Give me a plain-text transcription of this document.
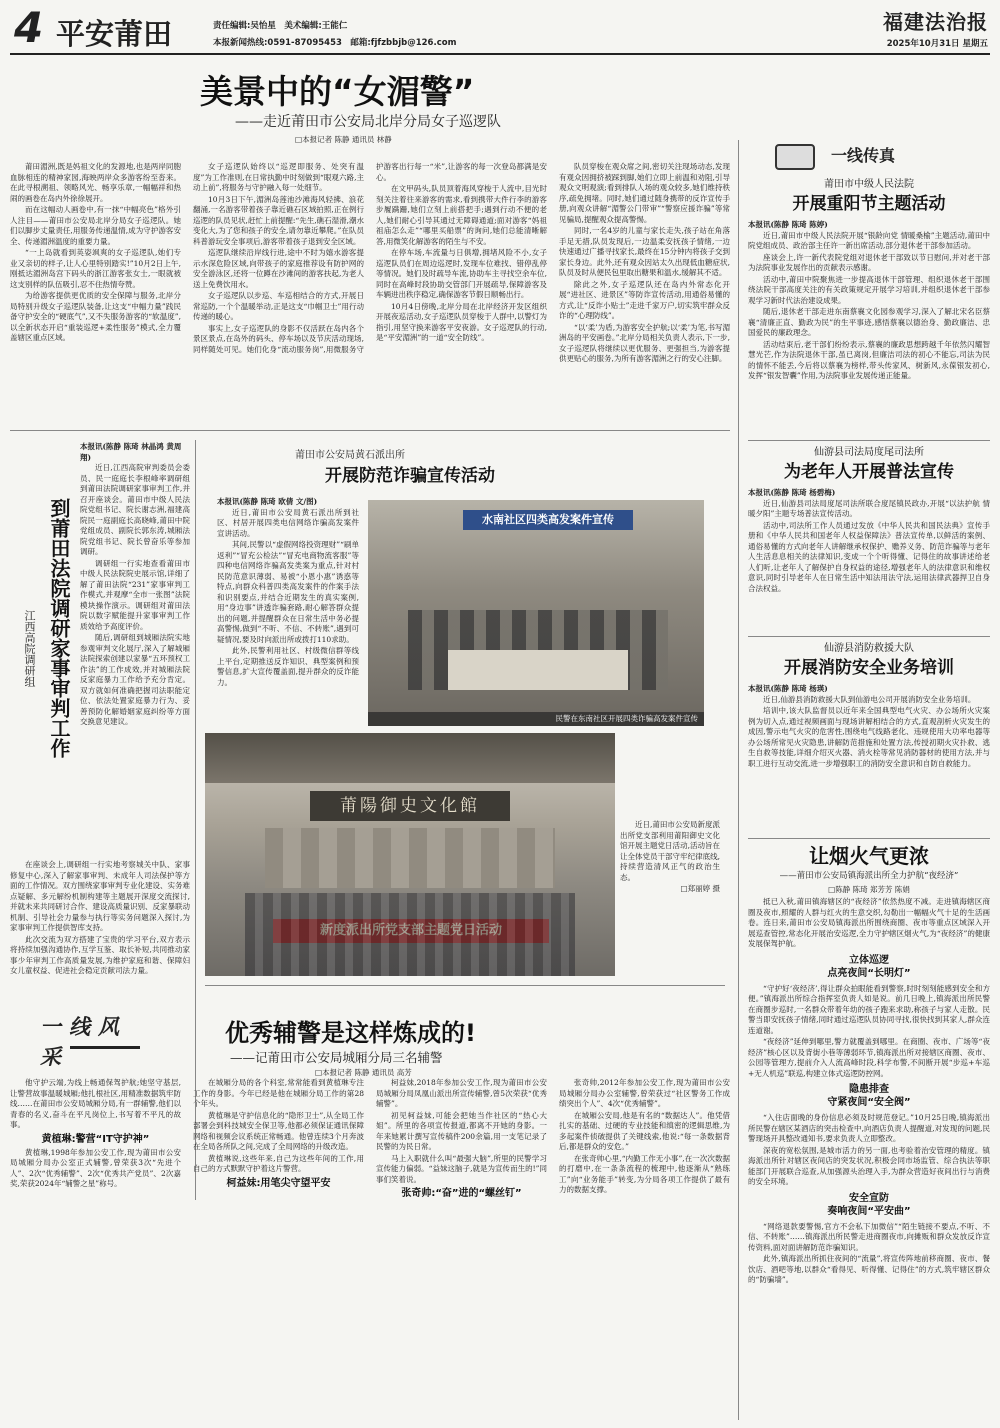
4 平安莆田	责任编辑:吴怡星　美术编辑:王能仁
本报新闻热线:0591-87095453　邮箱:fjfzbbjb@126.com
福建法治报
2025年10月31日 星期五
美景中的“女湄警”
——走近莆田市公安局北岸分局女子巡逻队
□本报记者 陈静 通讯员 林静

莆田湄洲,既是妈祖文化的发源地,也是两岸同胞血脉相连的精神家园,海映两岸众多游客纷至沓来。在此寻根溯祖、领略风光、畅享乐章,一幅幅祥和热闹的画卷在岛内外徐徐展开。

而在这幅动人画卷中,有一抹“中幅亮色”格外引人注目——莆田市公安局北岸分局女子巡逻队。她们以脚步丈量责任,用服务传递温情,成为守护游客安全、传递湄洲温度的重要力量。

“一上岛就看到英姿飒爽的女子巡逻队,她们专业又亲切的样子,让人心里特别踏实!”10月2日上午,刚抵达湄洲岛宫下码头的浙江游客张女士,一眼就被这支别样的队伍吸引,忍不住热情夸赞。

为给游客提供更优质的安全保障与服务,北岸分局特别升级女子巡逻队装备,让这支“中幅力量”践民备守护安全的“硬底气”,又不失服务游客的“软温度”,以全新状态开启“重装巡逻+柔性服务”模式,全力覆盖辖区重点区域。

女子巡逻队始终以“巡逻即服务、处突有温度”为工作准则,在日常执勤中时刻做到“眼观六路,主动上前”,将服务与守护融入每一处细节。

10月3日下午,湄洲岛莲池沙滩海风轻拂、浪花翻涌,一名游客带着孩子靠近礁石区域拍照,正在例行巡逻的队员见状,赶忙上前提醒:“先生,礁石湿滑,潮水变化大,为了您和孩子的安全,请勿靠近攀爬。”在队员科普游玩安全事项后,游客带着孩子退到安全区域。

巡逻队继续沿岸线行进,途中不时为嬉水游客提示水深危险区域,向带孩子的家庭推荐设有防护网的安全游泳区,还将一位蹲在沙滩间的游客扶起,为老人送上免费饮用水。

女子巡逻队以步巡、车巡相结合的方式,开展日常巡防,一个个温暖举动,正是这支“巾帼卫士”用行动传递的暖心。

事实上,女子巡逻队的身影不仅活跃在岛内各个景区景点,在岛外的码头、停车场以及节庆活动现场,同样随处可见。她们化身“流动服务岗”,用微服务守护游客出行每一“米”,让游客的每一次登岛都满是安心。

在文甲码头,队员顶着海风穿梭于人流中,目光时刻关注着往来游客的需求,看到携带大件行李的游客步履蹒跚,她们立刻上前搭把手;遇到行动不便的老人,她们耐心引导其通过无障碍通道;面对游客“妈祖祖庙怎么走”“哪里买船票”的询问,她们总能清晰解答,用微笑化解游客的陌生与不安。

在停车场,车流量与日俱增,拥堵风险不小,女子巡逻队员们在周边巡逻时,发现车位难找、错停乱停等情况。她们及时疏导车流,协助车主寻找空余车位,同时在高峰时段协助交管部门开展疏导,保障游客及车辆进出秩序稳定,确保游客节假日顺畅出行。

10月4日傍晚,北岸分局在北岸经济开发区组织开展夜巡活动,女子巡逻队员穿梭于人群中,以警灯为指引,用坚守换来游客平安夜游。女子巡逻队的行动,是“平安湄洲”的一道“安全防线”。

队员穿梭在观众席之间,密切关注现场动态,发现有观众因拥挤被踩到脚,她们立即上前温和劝阻,引导观众文明观演;看到排队人场的观众较多,她们维持秩序,疏免拥堵。同时,她们通过随身携带的反诈宣传手册,向观众讲解“湄警公门带审”“警察应援诈骗”等常见骗局,提醒观众提高警惕。

同时,一名4岁的儿童与家长走失,孩子站在角落手足无措,队员发现后,一边温柔安抚孩子情绪,一边快速通过广播寻找家长,最终在15分钟内将孩子交到家长身边。此外,还有观众因站太久出现低血糖症状,队员及时从便民包里取出糖果和温水,缓解其不适。

除此之外,女子巡逻队还在岛内外常态化开展“进社区、进景区”等防诈宣传活动,用通俗易懂的方式,让“反诈小贴士”走进千家万户,切实筑牢群众反诈的“心理防线”。

“以‘柔’为盾,为游客安全护航;以‘柔’为笔,书写湄洲岛的平安画卷。”北岸分局相关负责人表示,下一步,女子巡逻队将继续以更优服务、更强担当,为游客提供更贴心的服务,为所有游客湄洲之行的安心注脚。

到莆田法院调研家事审判工作
江西高院调研组
本报讯(陈静 陈琦 林晶鸿 黄周翔)

近日,江西高院审判委员会委员、民一庭庭长李根峰率调研组到莆田法院调研家事审判工作,并召开座谈会。莆田市中级人民法院党组书记、院长谢志洲,福建高院民一庭副庭长高晓峰,莆田中院党组成员、副院长郭东涛,城厢法院党组书记、院长曾奋乐等参加调研。

调研组一行实地查看莆田市中级人民法院院史展示馆,详细了解了莆田法院“231”家事审判工作模式,并观摩“全市一张图”法院模块操作演示。调研组对莆田法院以数字赋能提升家事审判工作质效给予高度评价。

随后,调研组到城厢法院实地参观审判文化展厅,深入了解城厢法院探索创建以家暴“五环预权工作法”的工作成效,并对城厢法院反家庭暴力工作给予充分肯定。双方就如何准确把握司法职能定位、依法处置家庭暴力行为、妥善预防化解婚姻家庭纠纷等方面交换意见建议。

在座谈会上,调研组一行实地考察城关中队、家事修复中心,深入了解家事审判、未成年人司法保护等方面的工作情况。双方围绕家事审判专业化建设、实务难点疑解、多元解纷机制构建等主题展开深度交流探讨,并就未来共同研讨合作、建设高质量识别、反家暴联动机制、引导社会力量参与执行等实务问题深入探讨,为家事审判工作提供智库支持。

此次交流为双方搭建了宝贵的学习平台,双方表示将持续加强沟通协作,互学互鉴、取长补短,共同推动家事少年审判工作高质量发展,为维护家庭和谐、保障妇女儿童权益、促进社会稳定贡献司法力量。

莆田市公安局黄石派出所
开展防范诈骗宣传活动
本报讯(陈静 陈琦 欧倩 文/图)

近日,莆田市公安局黄石派出所到社区、村居开展四类电信网络诈骗高发案件宣讲活动。

其间,民警以“虚假网络投资理财”“刷单返利”“冒充公检法”“冒充电商物流客服”等四种电信网络诈骗高发类案为重点,针对村民防范意识薄弱、易被“小恩小惠”诱惑等特点,向群众科普四类高发案件的作案手法和识别要点,并结合近期发生的真实案例,用“身边事”讲透诈骗套路,耐心解答群众提出的问题,并提醒群众在日常生活中务必提高警惕,做到“不听、不信、不转账”,遇到可疑情况,要及时向派出所或拨打110求助。

此外,民警利用社区、村级微信群等线上平台,定期推送反诈知识、典型案例和预警信息,扩大宣传覆盖面,提升群众的反诈能力。

水南社区四类高发案件宣传
民警在东南社区开展四类诈骗高发案件宣传
莆陽御史文化館

近日,莆田市公安局新度派出所党支部利用莆阳御史文化馆开展主题党日活动,活动旨在让全体党员干部守牢纪律底线,持续营造清风正气的政治生态。

□郑丽婷 摄
一线风采
优秀辅警是这样炼成的!
——记莆田市公安局城厢分局三名辅警
□本报记者 陈静 通讯员 高芳

他守护云端,为线上畅通保驾护航;她坚守基层,让警营故事温暖城厢;他扎根社区,用精准数据筑牢防线……在莆田市公安局城厢分局,有一群辅警,他们以青春的名义,奋斗在平凡岗位上,书写着不平凡的故事。

黄植琳:警营“IT守护神”

黄植琳,1998年参加公安工作,现为莆田市公安局城厢分局办公室正式辅警,曾荣获3次“先进个人”、2次“优秀辅警”、2次“优秀共产党员”、2次嘉奖,荣获2024年“辅警之星”称号。

在城厢分局的各个科室,常常能看到黄植琳专注工作的身影。今年已经是他在城厢分局工作的第28个年头。

黄植琳是守护信息化的“隐形卫士”,从全局工作部署会到科技城安全保卫等,他都必须保证通讯保障网络和视频会议系统正常畅通。他曾连续3个月奔波在全局各所队之间,完成了全局网络的升级改造。

黄植琳说,这些年来,自己为这些年间的工作,用自己的方式默默守护着这片警营。

柯益妹:用笔尖守望平安

柯益妹,2018年参加公安工作,现为莆田市公安局城厢分局凤凰山派出所宣传辅警,曾5次荣获“优秀辅警”。

初见柯益妹,可能会把她当作社区的“热心大姐”。所里的各项宣传报道,都离不开她的身影。一年来她累计撰写宣传稿件200余篇,用一支笔记录了民警的为民日常。

马上入职就什么叫“最强大脑”,所里的民警学习宣传能力偏弱。“益妹这脑子,就是为宣传而生的!”同事们笑着说。

张奇帅:“奋”进的“螺丝钉”

张奇帅,2012年参加公安工作,现为莆田市公安局城厢分局办公室辅警,曾荣获过“社区警务工作成绩突出个人”、4次“优秀辅警”。

在城厢公安局,他是有名的“数据达人”。他凭借扎实的基础、过硬的专业技能和缜密的逻辑思维,为多起案件侦破提供了关键线索,他说:“每一条数据背后,都是群众的安危。”

在张奇帅心里,“内勤工作无小事”,在一次次数据的打磨中,在一条条流程的梳理中,他逐渐从“熟练工”向“业务能手”转变,为分局各项工作提供了最有力的数据支撑。

一线传真
莆田市中级人民法院
开展重阳节主题活动
本报讯(陈静 陈琦 陈婷)

近日,莆田市中级人民法院开展“银龄向党 情暖桑榆”主题活动,莆田中院党组成员、政治部主任许一新出席活动,部分退休老干部参加活动。

座谈会上,许一新代表院党组对退休老干部致以节日慰问,并对老干部为法院事业发展作出的贡献表示感谢。

活动中,莆田中院聚焦进一步提高退休干部管理、组织退休老干部围绕法院干部高度关注的有关政策规定开展学习培训,并组织退休老干部参观学习新时代法治建设成果。

随后,退休老干部走进东南蔡襄文化园参观学习,深入了解北宋名臣蔡襄“清廉正直、勤政为民”的生平事迹,感悟蔡襄以德治身、勤政廉洁、忠国爱民的廉政理念。

活动结束后,老干部们纷纷表示,蔡襄的廉政思想跨越千年依然闪耀智慧光芒,作为法院退休干部,虽已离岗,但廉洁司法的初心不能忘,司法为民的情怀不能丢,今后将以蔡襄为榜样,带头传家风、树新风,永葆银发初心,发挥“银发智囊”作用,为法院事业发展传递正能量。

仙游县司法局度尾司法所
为老年人开展普法宣传
本报讯(陈静 陈琦 杨碧梅)

近日,仙游县司法局度尾司法所联合度尾镇民政办,开展“以法护航 情暖夕阳”主题专场普法宣传活动。

活动中,司法所工作人员通过发放《中华人民共和国民法典》宣传手册和《中华人民共和国老年人权益保障法》普法宣传单,以鲜活的案例、通俗易懂的方式向老年人讲解继承权保护、赡养义务、防范诈骗等与老年人生活息息相关的法律知识,变成一个个听得懂、记得住的故事讲述给老人们听,让老年人了解保护自身权益的途径,增强老年人的法律意识和维权意识,同时引导老年人在日常生活中知法用法守法,运用法律武器捍卫自身合法权益。

仙游县消防救援大队
开展消防安全业务培训
本报讯(陈静 陈琦 杨瑛)

近日,仙游县消防救援大队到仙游电公司开展消防安全业务培训。

培训中,该大队监督员以近年来全国典型电气火灾、办公场所火灾案例为切入点,通过视频画面与现场讲解相结合的方式,直观剖析火灾发生的成因,警示电气火灾的危害性,围绕电气线路老化、违规使用大功率电器等办公场所常见火灾隐患,讲解防范措施和处置方法,传授初期火灾扑救、逃生自救等技能,详细介绍灭火器、消火栓等常见消防器材的使用方法,并与职工进行互动交流,进一步增强职工的消防安全意识和自防自救能力。

让烟火气更浓
——莆田市公安局镇海派出所全力护航“夜经济”
□陈静 陈琦 郑芳芳 陈娟

抵已入秋,莆田镇海辖区的“夜经济”依然热度不减。走进镇海辖区商圈及夜市,照耀的人群与红火的生意交织,勾勒出一幅幅火气十足的生活画卷。连日来,莆田市公安局镇海派出所围绕商圈、夜市等重点区域深入开展巡查管控,常态化开展治安巡逻,全力守护辖区烟火气,为“夜经济”的健康发展保驾护航。

立体巡逻
点亮夜间“长明灯”

“守护好‘夜经济’,得让群众拍眼能看到警察,时时刻刻能感到安全和方便。”镇海派出所综合指挥室负责人如是说。前几日晚上,镇海派出所民警在商圈步巡时,一名群众带着年幼的孩子跑来求助,称孩子与家人走散。民警当即安抚孩子情绪,同时通过巡逻队员协同寻找,很快找到其家人,群众连连道谢。

“夜经济”延伸到哪里,警力就覆盖到哪里。在商圈、夜市、广场等“夜经济”核心区以及背街小巷等薄弱环节,镇海派出所对接辖区商圈、夜市、公园等管理方,提前介入人流高峰时段,科学布警,不间断开展“步巡+车巡+无人机巡”联巡,构建立体式巡逻防控网。

隐患排查
守紧夜间“安全阀”

“入住店面晚的身份信息必须及时规范登记。”10月25日晚,镇海派出所民警在辖区某酒店的突击检查中,向酒店负责人提醒道,对发现的问题,民警现场开具整改通知书,要求负责人立即整改。

深夜的宽松氛围,是城市活力的另一面,也考验着治安管理的精度。镇海派出所针对辖区夜间店的突发状况,积极会同市场监管、综合执法等职能部门开展联合巡查,从加强源头治理入手,为群众营造好夜间出行与消费的安全环境。

安全宣防
奏响夜间“平安曲”

“网络退款要警惕,官方不会私下加微信”“陌生链接不要点,不听、不信、不转账”……镇海派出所民警走进商圈夜市,向摊贩和群众发放反诈宣传资料,面对面讲解防范诈骗知识。

此外,镇海派出所抓住夜间的“流量”,将宣传阵地前移商圈、夜市、餐饮店、酒吧等地,以群众“看得见、听得懂、记得住”的方式,筑牢辖区群众的“防骗墙”。
